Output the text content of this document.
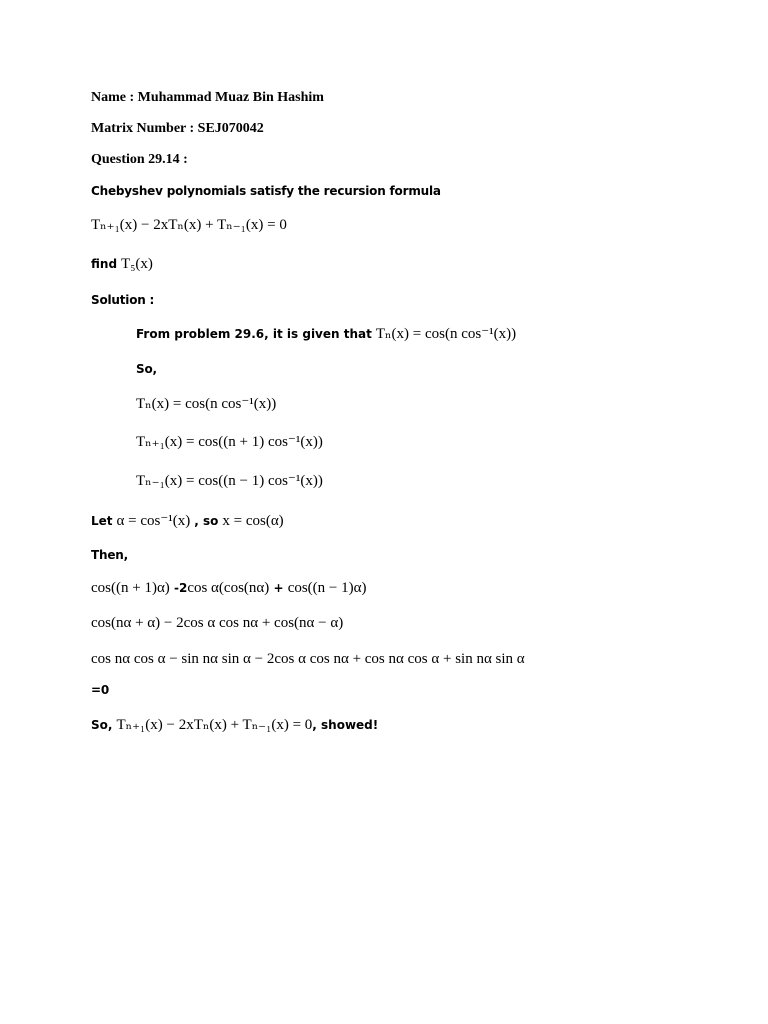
Name : Muhammad Muaz Bin Hashim
Matrix Number : SEJ070042
Question 29.14 :
Chebyshev polynomials satisfy the recursion formula
Tₙ₊₁(x) − 2xTₙ(x) + Tₙ₋₁(x) = 0
find T₅(x)
Solution :
From problem 29.6, it is given that Tₙ(x) = cos(n cos⁻¹(x))
So,
Tₙ(x) = cos(n cos⁻¹(x))
Tₙ₊₁(x) = cos((n + 1) cos⁻¹(x))
Tₙ₋₁(x) = cos((n − 1) cos⁻¹(x))
Let α = cos⁻¹(x) , so x = cos(α)
Then,
cos((n + 1)α) -2cos α(cos(nα) + cos((n − 1)α)
cos(nα + α) − 2cos α cos nα + cos(nα − α)
cos nα cos α − sin nα sin α − 2cos α cos nα + cos nα cos α + sin nα sin α
=0
So, Tₙ₊₁(x) − 2xTₙ(x) + Tₙ₋₁(x) = 0, showed!
